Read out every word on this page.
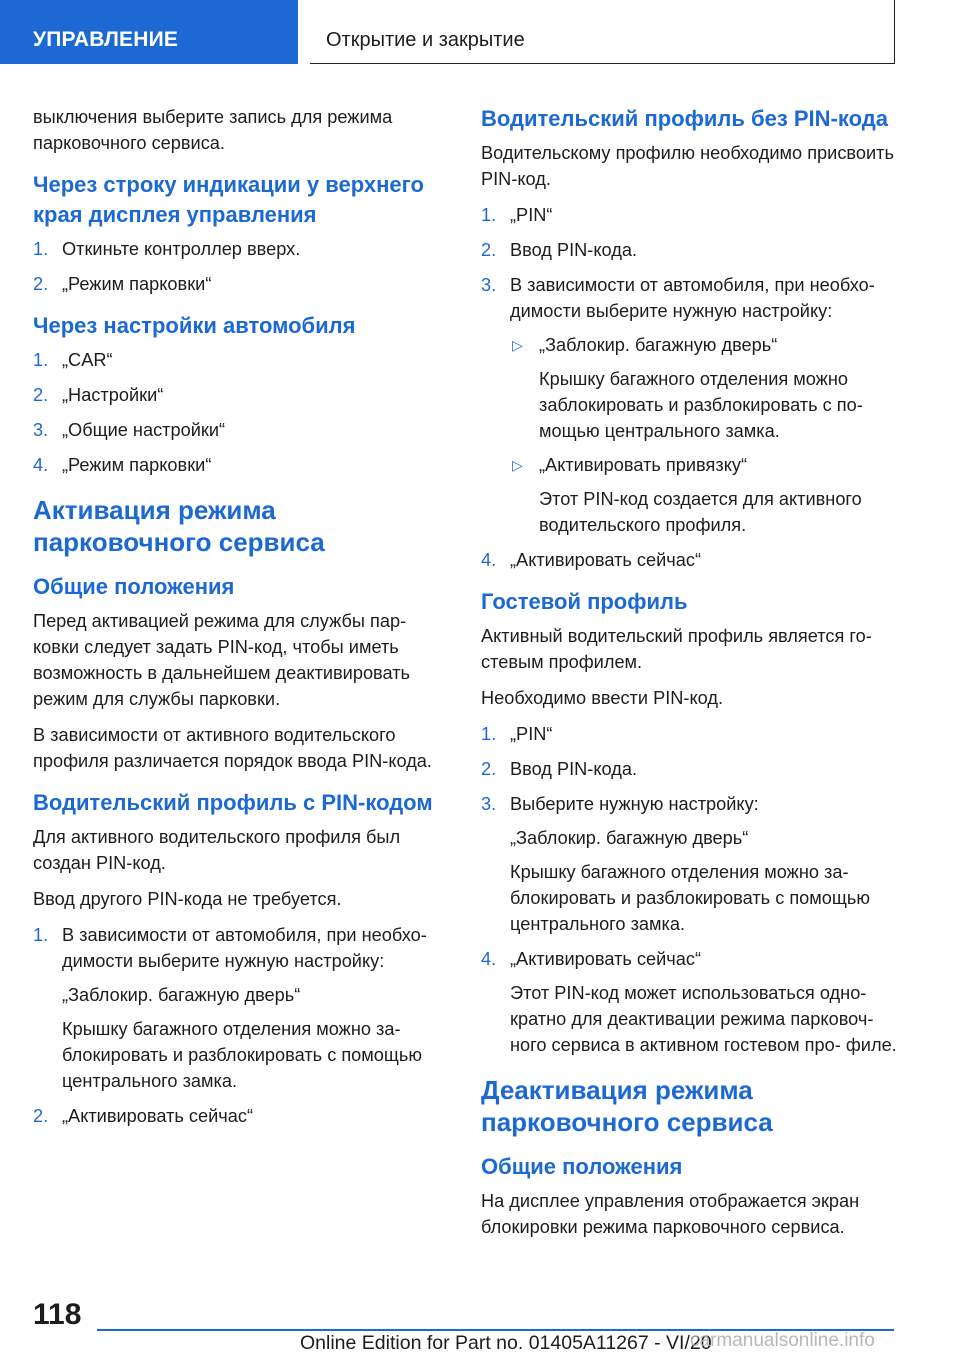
УПРАВЛЕНИЕ	Открытие и закрытие

выключения выберите запись для режима парковочного сервиса.

Через строку индикации у верхнего края дисплея управления
1. Откиньте контроллер вверх.
2. „Режим парковки“
Через настройки автомобиля
1. „CAR“
2. „Настройки“
3. „Общие настройки“
4. „Режим парковки“
Активация режима парковочного сервиса
Общие положения

Перед активацией режима для службы пар- ковки следует задать PIN-код, чтобы иметь возможность в дальнейшем деактивировать режим для службы парковки.

В зависимости от активного водительского профиля различается порядок ввода PIN-кода.

Водительский профиль с PIN-кодом

Для активного водительского профиля был создан PIN-код.

Ввод другого PIN-кода не требуется.

1. В зависимости от автомобиля, при необхо- димости выберите нужную настройку:
„Заблокир. багажную дверь“
Крышку багажного отделения можно за- блокировать и разблокировать с помощью центрального замка.
2. „Активировать сейчас“
Водительский профиль без PIN-кода

Водительскому профилю необходимо присвоить PIN-код.

1. „PIN“
2. Ввод PIN-кода.
3. В зависимости от автомобиля, при необхо- димости выберите нужную настройку:
▷ „Заблокир. багажную дверь“
Крышку багажного отделения можно заблокировать и разблокировать с по- мощью центрального замка.
▷ „Активировать привязку“
Этот PIN-код создается для активного водительского профиля.
4. „Активировать сейчас“
Гостевой профиль

Активный водительский профиль является го- стевым профилем.

Необходимо ввести PIN-код.

1. „PIN“
2. Ввод PIN-кода.
3. Выберите нужную настройку:
„Заблокир. багажную дверь“
Крышку багажного отделения можно за- блокировать и разблокировать с помощью центрального замка.
4. „Активировать сейчас“
Этот PIN-код может использоваться одно- кратно для деактивации режима парковоч- ного сервиса в активном гостевом про- филе.
Деактивация режима парковочного сервиса
Общие положения

На дисплее управления отображается экран блокировки режима парковочного сервиса.

118
Online Edition for Part no. 01405A11267 - VI/20
carmanualsonline.info
